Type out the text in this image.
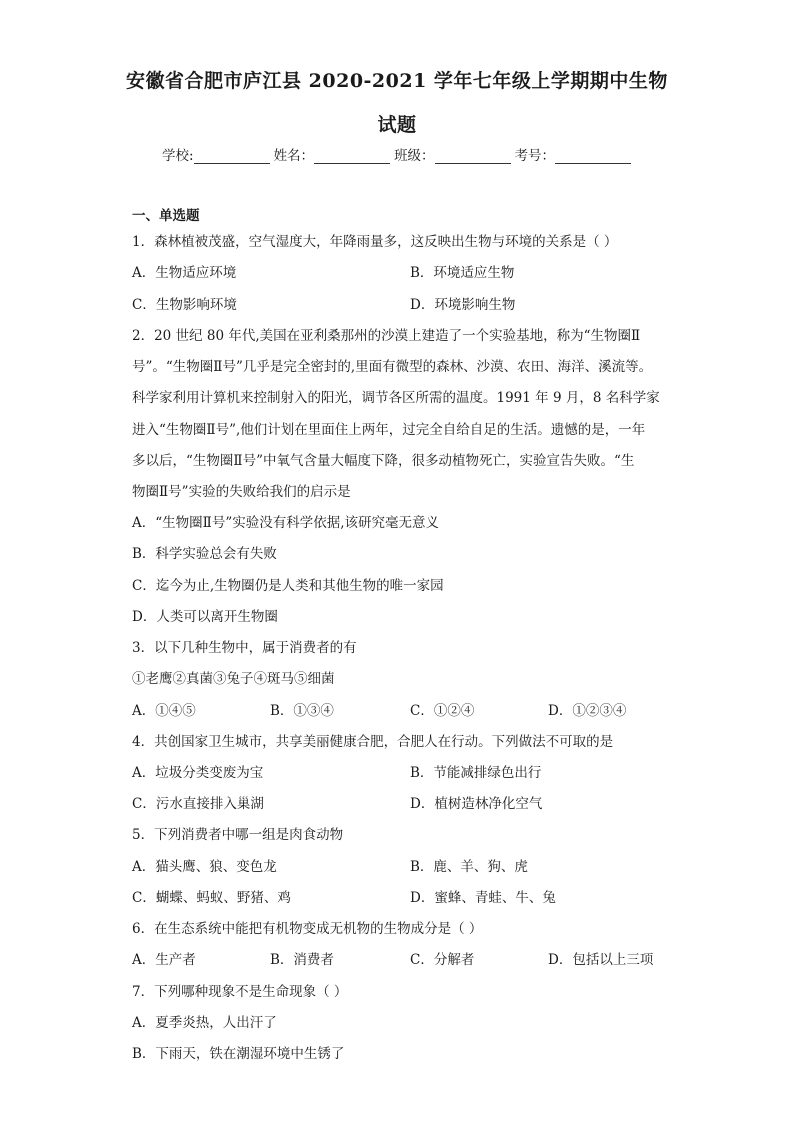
安徽省合肥市庐江县 2020-2021 学年七年级上学期期中生物
试题
学校:	姓名：	班级：	考号：
一、单选题
1．森林植被茂盛，空气湿度大，年降雨量多，这反映出生物与环境的关系是（ ）
A．生物适应环境	B．环境适应生物
C．生物影响环境	D．环境影响生物
2．20 世纪 80 年代,美国在亚利桑那州的沙漠上建造了一个实验基地，称为“生物圈Ⅱ
号”。“生物圈Ⅱ号”几乎是完全密封的,里面有微型的森林、沙漠、农田、海洋、溪流等。
科学家利用计算机来控制射入的阳光，调节各区所需的温度。1991 年 9 月，8 名科学家
进入“生物圈Ⅱ号”,他们计划在里面住上两年，过完全自给自足的生活。遗憾的是，一年
多以后，“生物圈Ⅱ号”中氧气含量大幅度下降，很多动植物死亡，实验宣告失败。“生
物圈Ⅱ号”实验的失败给我们的启示是
A．“生物圈Ⅱ号”实验没有科学依据,该研究毫无意义
B．科学实验总会有失败
C．迄今为止,生物圈仍是人类和其他生物的唯一家园
D．人类可以离开生物圈
3．以下几种生物中，属于消费者的有
①老鹰②真菌③兔子④斑马⑤细菌
A．①④⑤	B．①③④	C．①②④	D．①②③④
4．共创国家卫生城市，共享美丽健康合肥，合肥人在行动。下列做法不可取的是
A．垃圾分类变废为宝	B．节能减排绿色出行
C．污水直接排入巢湖	D．植树造林净化空气
5．下列消费者中哪一组是肉食动物
A．猫头鹰、狼、变色龙	B．鹿、羊、狗、虎
C．蝴蝶、蚂蚁、野猪、鸡	D．蜜蜂、青蛙、牛、兔
6．在生态系统中能把有机物变成无机物的生物成分是（ ）
A．生产者	B．消费者	C．分解者	D．包括以上三项
7．下列哪种现象不是生命现象（ ）
A．夏季炎热，人出汗了
B．下雨天，铁在潮湿环境中生锈了
